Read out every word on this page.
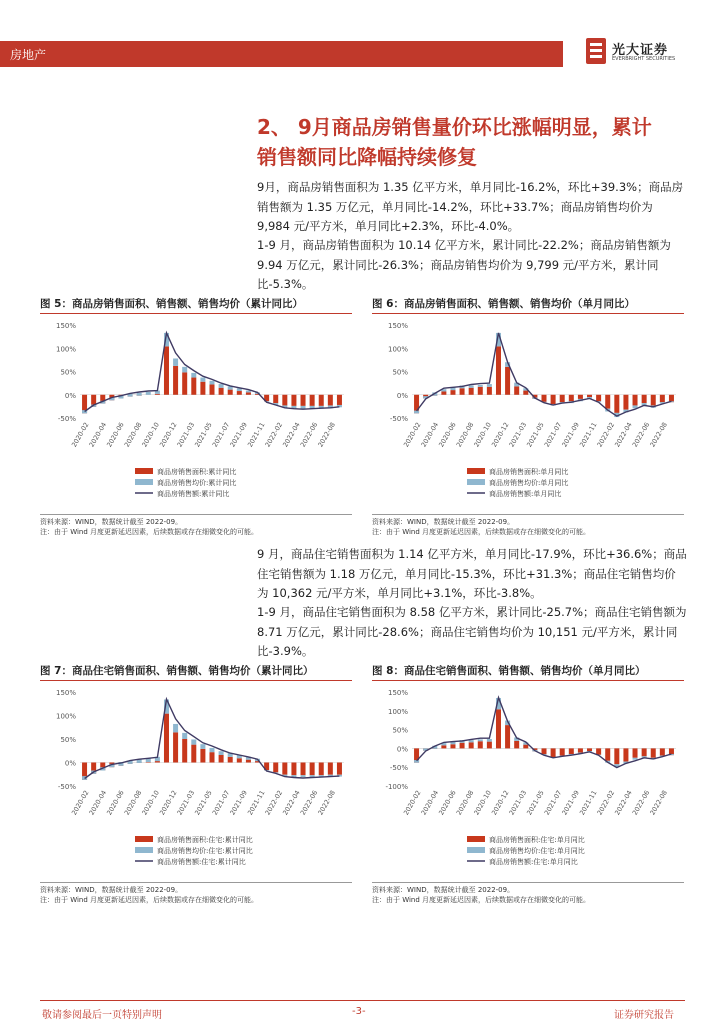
房地产	光大证券
EVERBRIGHT SECURITIES
2、 9月商品房销售量价环比涨幅明显，累计
销售额同比降幅持续修复
9月，商品房销售面积为 1.35 亿平方米，单月同比-16.2%，环比+39.3%；商品房销售额为 1.35 万亿元，单月同比-14.2%，环比+33.7%；商品房销售均价为 9,984 元/平方米，单月同比+2.3%，环比-4.0%。
1-9 月，商品房销售面积为 10.14 亿平方米，累计同比-22.2%；商品房销售额为 9.94 万亿元，累计同比-26.3%；商品房销售均价为 9,799 元/平方米，累计同比-5.3%。
图 5：商品房销售面积、销售额、销售均价（累计同比）	图 6：商品房销售面积、销售额、销售均价（单月同比）
150%
100%
50%
0%
-50%
2020-02
2020-04
2020-06
2020-08
2020-10
2020-12
2021-03
2021-05
2021-07
2021-09
2021-11
2022-02
2022-04
2022-06
2022-08
商品房销售面积:累计同比
商品房销售均价:累计同比
商品房销售额:累计同比
150%
100%
50%
0%
-50%
2020-02
2020-04
2020-06
2020-08
2020-10
2020-12
2021-03
2021-05
2021-07
2021-09
2021-11
2022-02
2022-04
2022-06
2022-08
商品房销售面积:单月同比
商品房销售均价:单月同比
商品房销售额:单月同比
资料来源：WIND，数据统计截至 2022-09。
注：由于 Wind 月度更新延迟因素，后续数据或存在细微变化的可能。
资料来源：WIND，数据统计截至 2022-09。
注：由于 Wind 月度更新延迟因素，后续数据或存在细微变化的可能。
9 月，商品住宅销售面积为 1.14 亿平方米，单月同比-17.9%，环比+36.6%；商品住宅销售额为 1.18 万亿元，单月同比-15.3%，环比+31.3%；商品住宅销售均价为 10,362 元/平方米，单月同比+3.1%，环比-3.8%。
1-9 月，商品住宅销售面积为 8.58 亿平方米，累计同比-25.7%；商品住宅销售额为 8.71 万亿元，累计同比-28.6%；商品住宅销售均价为 10,151 元/平方米，累计同比-3.9%。
图 7：商品住宅销售面积、销售额、销售均价（累计同比）	图 8：商品住宅销售面积、销售额、销售均价（单月同比）
150%
100%
50%
0%
-50%
2020-02
2020-04
2020-06
2020-08
2020-10
2020-12
2021-03
2021-05
2021-07
2021-09
2021-11
2022-02
2022-04
2022-06
2022-08
商品房销售面积:住宅:累计同比
商品房销售均价:住宅:累计同比
商品房销售额:住宅:累计同比
150%
100%
50%
0%
-50%
-100%
2020-02
2020-04
2020-06
2020-08
2020-10
2020-12
2021-03
2021-05
2021-07
2021-09
2021-11
2022-02
2022-04
2022-06
2022-08
商品房销售面积:住宅:单月同比
商品房销售均价:住宅:单月同比
商品房销售额:住宅:单月同比
资料来源：WIND，数据统计截至 2022-09。
注：由于 Wind 月度更新延迟因素，后续数据或存在细微变化的可能。
资料来源：WIND，数据统计截至 2022-09。
注：由于 Wind 月度更新延迟因素，后续数据或存在细微变化的可能。
敬请参阅最后一页特别声明	-3-	证券研究报告
